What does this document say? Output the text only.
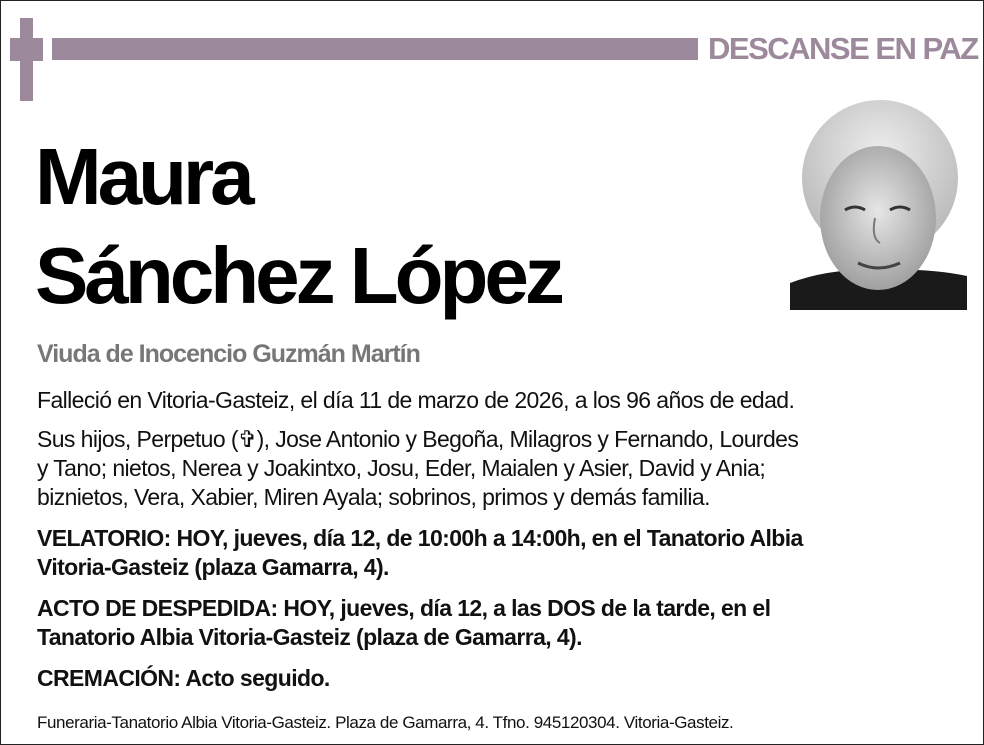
DESCANSE EN PAZ
Maura
Sánchez López
Viuda de Inocencio Guzmán Martín
Falleció en Vitoria-Gasteiz, el día 11 de marzo de 2026, a los 96 años de edad.
Sus hijos, Perpetuo (✞), Jose Antonio y Begoña, Milagros y Fernando, Lourdes
y Tano; nietos, Nerea y Joakintxo, Josu, Eder, Maialen y Asier, David y Ania;
biznietos, Vera, Xabier, Miren Ayala; sobrinos, primos y demás familia.
VELATORIO: HOY, jueves, día 12, de 10:00h a 14:00h, en el Tanatorio Albia
Vitoria-Gasteiz (plaza Gamarra, 4).
ACTO DE DESPEDIDA: HOY, jueves, día 12, a las DOS de la tarde, en el
Tanatorio Albia Vitoria-Gasteiz (plaza de Gamarra, 4).
CREMACIÓN: Acto seguido.
Funeraria-Tanatorio Albia Vitoria-Gasteiz. Plaza de Gamarra, 4. Tfno. 945120304. Vitoria-Gasteiz.
